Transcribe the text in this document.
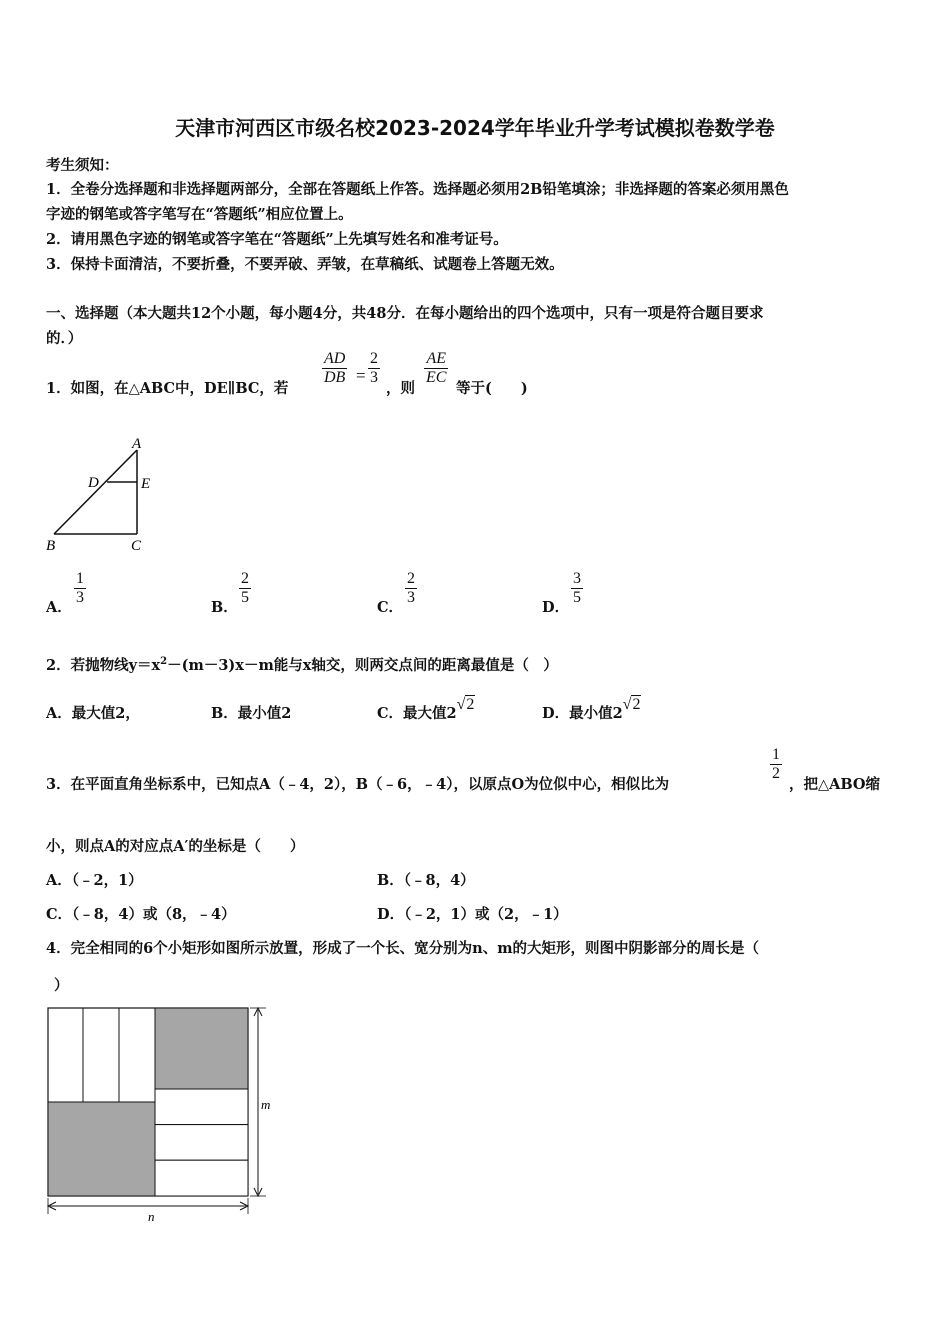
天津市河西区市级名校2023-2024学年毕业升学考试模拟卷数学卷
考生须知：
1．全卷分选择题和非选择题两部分，全部在答题纸上作答。选择题必须用2B铅笔填涂；非选择题的答案必须用黑色
字迹的钢笔或答字笔写在“答题纸”相应位置上。
2．请用黑色字迹的钢笔或答字笔在“答题纸”上先填写姓名和准考证号。
3．保持卡面清洁，不要折叠，不要弄破、弄皱，在草稿纸、试题卷上答题无效。
一、选择题（本大题共12个小题，每小题4分，共48分．在每小题给出的四个选项中，只有一项是符合题目要求
的．）
1．如图，在△ABC中，DE∥BC，若
$\frac{AD}{DB} = \frac{2}{3}$
，则
$\frac{AE}{EC}$
等于(　　)
A
D	E
B	C
A．
$\frac{1}{3}$
B．
$\frac{2}{5}$
C．
$\frac{2}{3}$
D．
$\frac{3}{5}$
2．若抛物线$y=x^2-(m-3)x-m$能与x轴交，则两交点间的距离最值是（　）
A．最大值2，	B．最小值2	C．最大值2√2
D．最小值2√2
3．在平面直角坐标系中，已知点A（﹣4，2），B（﹣6，﹣4），以原点O为位似中心，相似比为
$\frac{1}{2}$
，把△ABO缩
小，则点A的对应点A′的坐标是（　　）
A．（﹣2，1）	B．（﹣8，4）
C．（﹣8，4）或（8，﹣4）	D．（﹣2，1）或（2，﹣1）
4．完全相同的6个小矩形如图所示放置，形成了一个长、宽分别为n、m的大矩形，则图中阴影部分的周长是（
）
m
n
